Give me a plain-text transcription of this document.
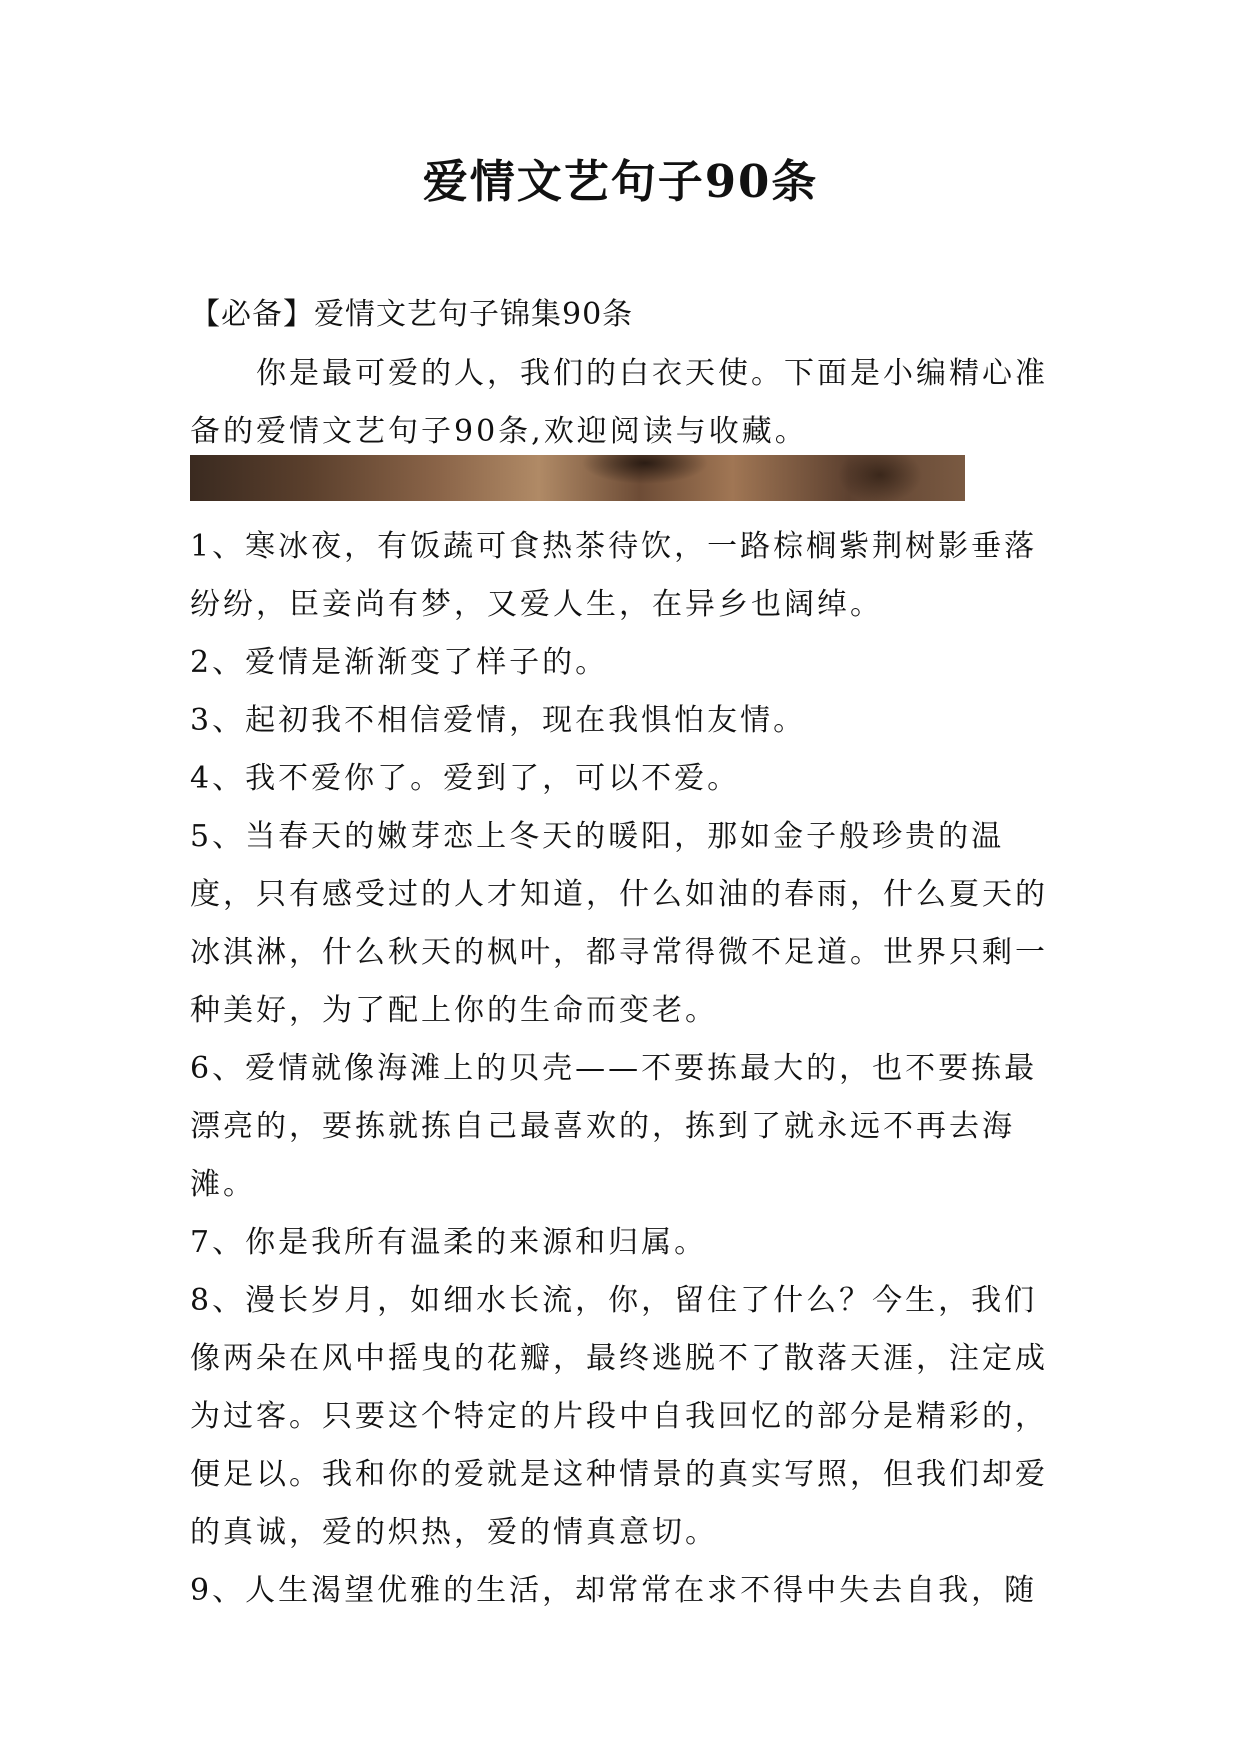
爱情文艺句子90条

【必备】爱情文艺句子锦集90条

你是最可爱的人，我们的白衣天使。下面是小编精心准备的爱情文艺句子90条,欢迎阅读与收藏。

1、寒冰夜，有饭蔬可食热茶待饮，一路棕榈紫荆树影垂落纷纷，臣妾尚有梦，又爱人生，在异乡也阔绰。
2、爱情是渐渐变了样子的。
3、起初我不相信爱情，现在我惧怕友情。
4、我不爱你了。爱到了，可以不爱。
5、当春天的嫩芽恋上冬天的暖阳，那如金子般珍贵的温度，只有感受过的人才知道，什么如油的春雨，什么夏天的冰淇淋，什么秋天的枫叶，都寻常得微不足道。世界只剩一种美好，为了配上你的生命而变老。
6、爱情就像海滩上的贝壳——不要拣最大的，也不要拣最漂亮的，要拣就拣自己最喜欢的，拣到了就永远不再去海滩。
7、你是我所有温柔的来源和归属。
8、漫长岁月，如细水长流，你，留住了什么？今生，我们像两朵在风中摇曳的花瓣，最终逃脱不了散落天涯，注定成为过客。只要这个特定的片段中自我回忆的部分是精彩的，便足以。我和你的爱就是这种情景的真实写照，但我们却爱的真诚，爱的炽热，爱的情真意切。
9、人生渴望优雅的生活，却常常在求不得中失去自我，随
